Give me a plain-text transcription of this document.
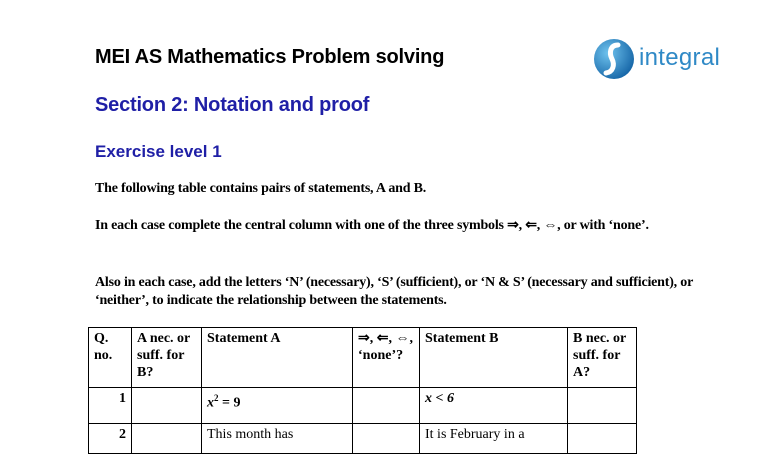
MEI AS Mathematics Problem solving	integral
Section 2: Notation and proof
Exercise level 1
The following table contains pairs of statements, A and B.
In each case complete the central column with one of the three symbols ⇒, ⇐, ⇔, or with ‘none’.
Also in each case, add the letters ‘N’ (necessary), ‘S’ (sufficient), or ‘N & S’ (necessary and sufficient), or ‘neither’, to indicate the relationship between the statements.
Q. no.	A nec. or suff. for B?	Statement A	⇒, ⇐, ⇔, ‘none’?	Statement B	B nec. or suff. for A?
1		$x^2 = 9$		x < 6	
2		This month has		It is February in a	
